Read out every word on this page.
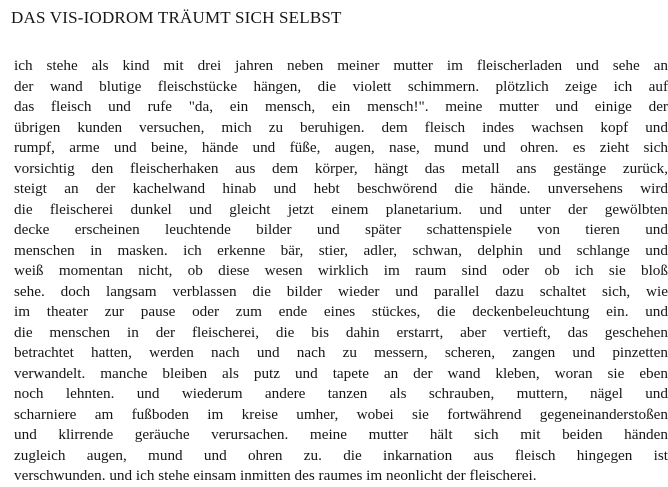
DAS VIS-IODROM TRÄUMT SICH SELBST
ich stehe als kind mit drei jahren neben meiner mutter im fleischerladen und sehe an
der wand blutige fleischstücke hängen, die violett schimmern. plötzlich zeige ich auf
das fleisch und rufe "da, ein mensch, ein mensch!". meine mutter und einige der
übrigen kunden versuchen, mich zu beruhigen. dem fleisch indes wachsen kopf und
rumpf, arme und beine, hände und füße, augen, nase, mund und ohren. es zieht sich
vorsichtig den fleischerhaken aus dem körper, hängt das metall ans gestänge zurück,
steigt an der kachelwand hinab und hebt beschwörend die hände. unversehens wird
die fleischerei dunkel und gleicht jetzt einem planetarium. und unter der gewölbten
decke erscheinen leuchtende bilder und später schattenspiele von tieren und
menschen in masken. ich erkenne bär, stier, adler, schwan, delphin und schlange und
weiß momentan nicht, ob diese wesen wirklich im raum sind oder ob ich sie bloß
sehe. doch langsam verblassen die bilder wieder und parallel dazu schaltet sich, wie
im theater zur pause oder zum ende eines stückes, die deckenbeleuchtung ein. und
die menschen in der fleischerei, die bis dahin erstarrt, aber vertieft, das geschehen
betrachtet hatten, werden nach und nach zu messern, scheren, zangen und pinzetten
verwandelt. manche bleiben als putz und tapete an der wand kleben, woran sie eben
noch lehnten. und wiederum andere tanzen als schrauben, muttern, nägel und
scharniere am fußboden im kreise umher, wobei sie fortwährend gegeneinanderstoßen
und klirrende geräuche verursachen. meine mutter hält sich mit beiden händen
zugleich augen, mund und ohren zu. die inkarnation aus fleisch hingegen ist
verschwunden. und ich stehe einsam inmitten des raumes im neonlicht der fleischerei.
